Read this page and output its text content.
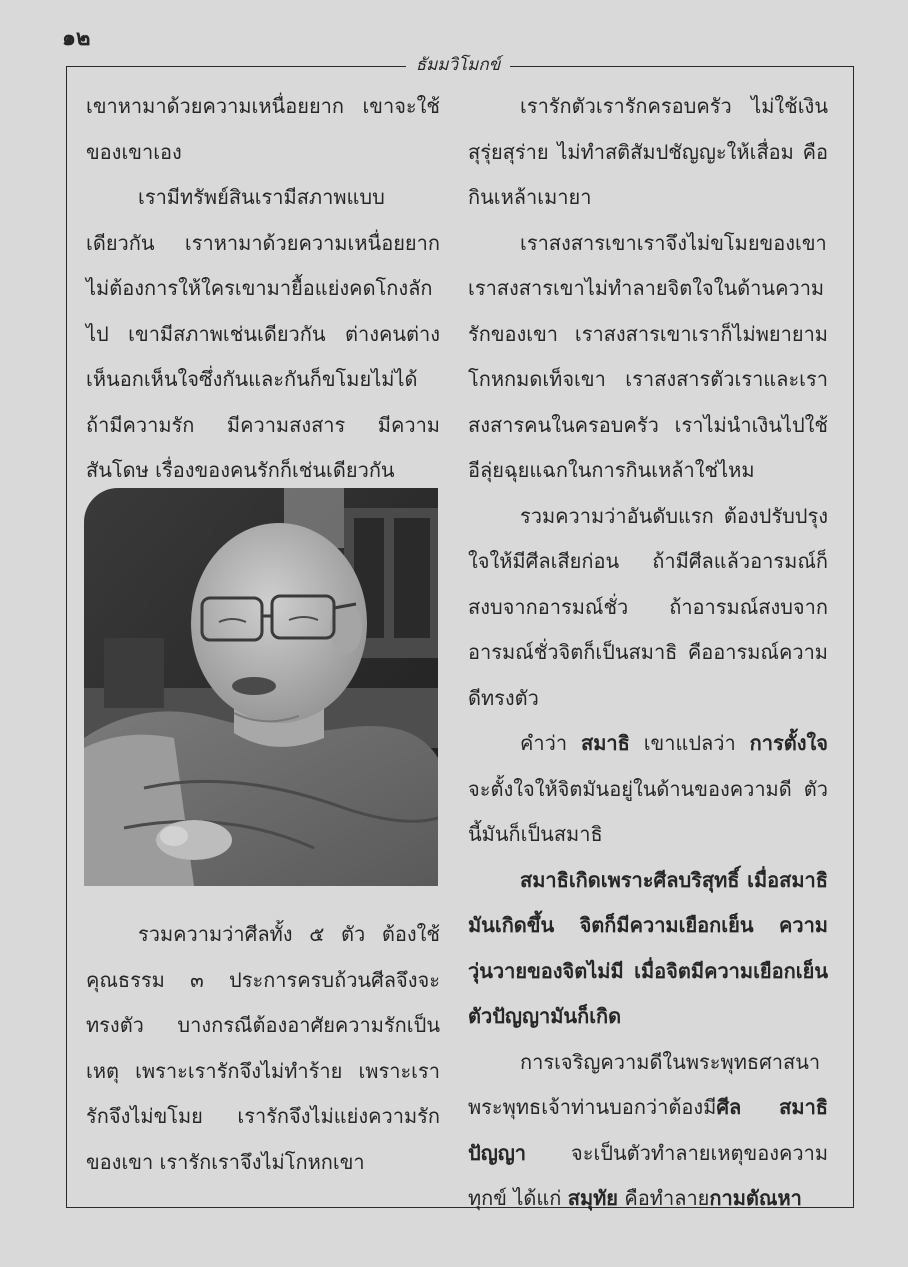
๑๒
ธัมมวิโมกข์

เขาหามาด้วยความเหนื่อยยาก เขาจะใช้ของเขาเอง

เรามีทรัพย์สินเรามีสภาพแบบเดียวกัน เราหามาด้วยความเหนื่อยยาก ไม่ต้องการให้ใครเขามายื้อแย่งคดโกงลักไป เขามีสภาพเช่นเดียวกัน ต่างคนต่างเห็นอกเห็นใจซึ่งกันและกันก็ขโมยไม่ได้ ถ้ามีความรัก มีความสงสาร มีความสันโดษ เรื่องของคนรักก็เช่นเดียวกัน

รวมความว่าศีลทั้ง ๕ ตัว ต้องใช้คุณธรรม ๓ ประการครบถ้วนศีลจึงจะทรงตัว บางกรณีต้องอาศัยความรักเป็นเหตุ เพราะเรารักจึงไม่ทำร้าย เพราะเรารักจึงไม่ขโมย เรารักจึงไม่แย่งความรักของเขา เรารักเราจึงไม่โกหกเขา

เรารักตัวเรารักครอบครัว ไม่ใช้เงินสุรุ่ยสุร่าย ไม่ทำสติสัมปชัญญะให้เสื่อม คือกินเหล้าเมายา

เราสงสารเขาเราจึงไม่ขโมยของเขา เราสงสารเขาไม่ทำลายจิตใจในด้านความรักของเขา เราสงสารเขาเราก็ไม่พยายามโกหกมดเท็จเขา เราสงสารตัวเราและเราสงสารคนในครอบครัว เราไม่นำเงินไปใช้อีลุ่ยฉุยแฉกในการกินเหล้าใช่ไหม

รวมความว่าอันดับแรก ต้องปรับปรุงใจให้มีศีลเสียก่อน ถ้ามีศีลแล้วอารมณ์ก็สงบจากอารมณ์ชั่ว ถ้าอารมณ์สงบจากอารมณ์ชั่วจิตก็เป็นสมาธิ คืออารมณ์ความดีทรงตัว

คำว่า สมาธิ เขาแปลว่า การตั้งใจ จะตั้งใจให้จิตมันอยู่ในด้านของความดี ตัวนี้มันก็เป็นสมาธิ

สมาธิเกิดเพราะศีลบริสุทธิ์ เมื่อสมาธิมันเกิดขึ้น จิตก็มีความเยือกเย็น ความวุ่นวายของจิตไม่มี เมื่อจิตมีความเยือกเย็น ตัวปัญญามันก็เกิด

การเจริญความดีในพระพุทธศาสนา พระพุทธเจ้าท่านบอกว่าต้องมีศีล สมาธิ ปัญญา จะเป็นตัวทำลายเหตุของความทุกข์ ได้แก่ สมุทัย คือทำลายกามตัณหา
